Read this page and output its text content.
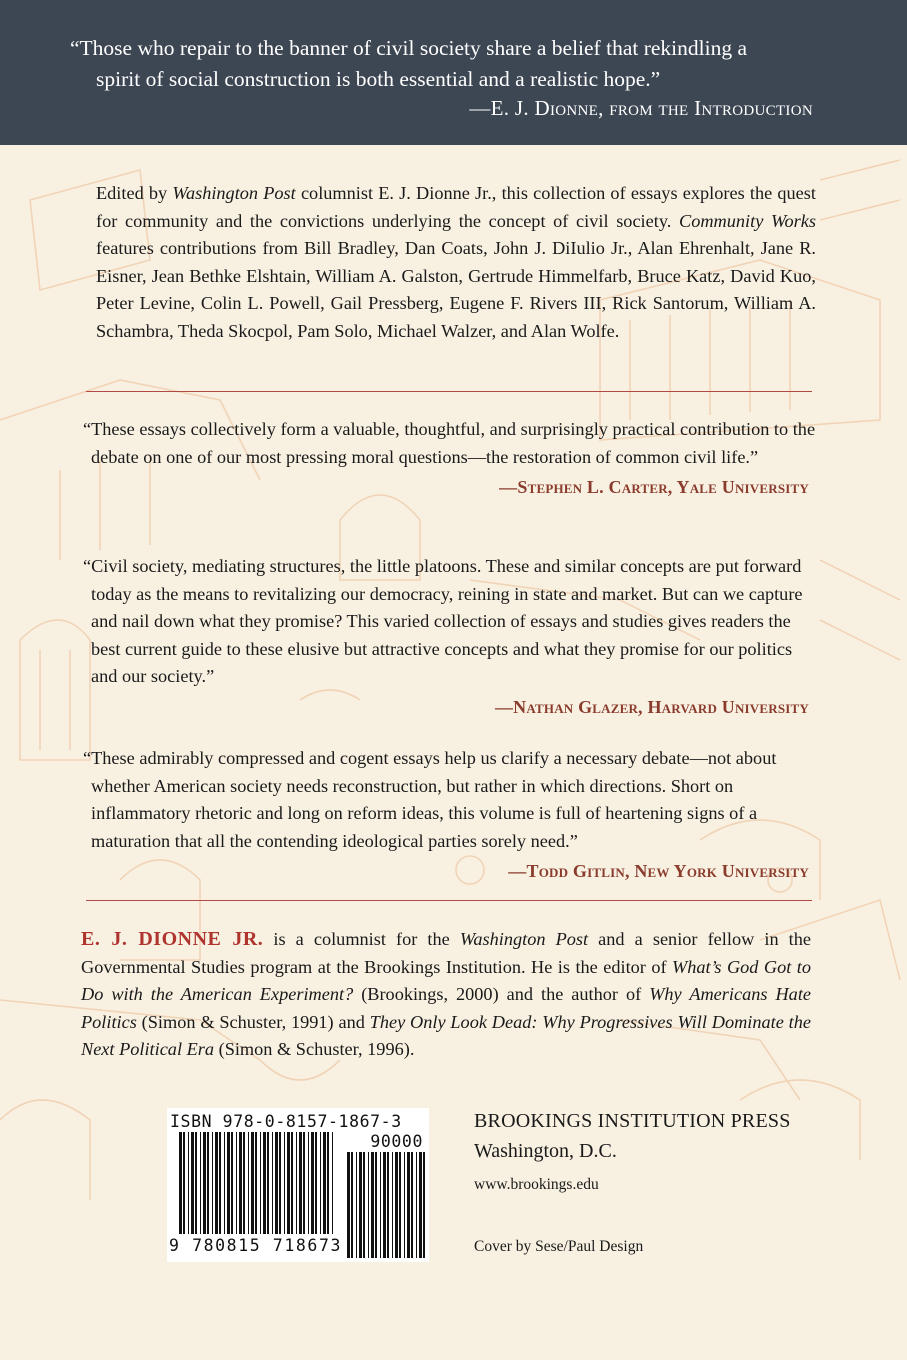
“Those who repair to the banner of civil society share a belief that rekindling a
spirit of social construction is both essential and a realistic hope.”
—E. J. Dionne, from the Introduction

Edited by Washington Post columnist E. J. Dionne Jr., this collection of essays explores the quest for community and the convictions underlying the concept of civil society. Community Works features contributions from Bill Bradley, Dan Coats, John J. DiIulio Jr., Alan Ehrenhalt, Jane R. Eisner, Jean Bethke Elshtain, William A. Galston, Gertrude Himmelfarb, Bruce Katz, David Kuo, Peter Levine, Colin L. Powell, Gail Pressberg, Eugene F. Rivers III, Rick Santorum, William A. Schambra, Theda Skocpol, Pam Solo, Michael Walzer, and Alan Wolfe.

“These essays collectively form a valuable, thoughtful, and surprisingly practical contribution to the debate on one of our most pressing moral questions—the restoration of common civil life.”

—Stephen L. Carter, Yale University

“Civil society, mediating structures, the little platoons. These and similar concepts are put forward today as the means to revitalizing our democracy, reining in state and market. But can we capture and nail down what they promise? This varied collection of essays and studies gives readers the best current guide to these elusive but attractive concepts and what they promise for our politics and our society.”

—Nathan Glazer, Harvard University

“These admirably compressed and cogent essays help us clarify a necessary debate—not about whether American society needs reconstruction, but rather in which directions. Short on inflammatory rhetoric and long on reform ideas, this volume is full of heartening signs of a maturation that all the contending ideological parties sorely need.”

—Todd Gitlin, New York University
E. J. DIONNE JR. is a columnist for the Washington Post and a senior fellow in the Governmental Studies program at the Brookings Institution. He is the editor of What’s God Got to Do with the American Experiment? (Brookings, 2000) and the author of Why Americans Hate Politics (Simon & Schuster, 1991) and They Only Look Dead: Why Progressives Will Dominate the Next Political Era (Simon & Schuster, 1996).
ISBN 978-0-8157-1867-3
90000
9 780815 718673
BROOKINGS INSTITUTION PRESS
Washington, D.C.
www.brookings.edu
Cover by Sese/Paul Design
